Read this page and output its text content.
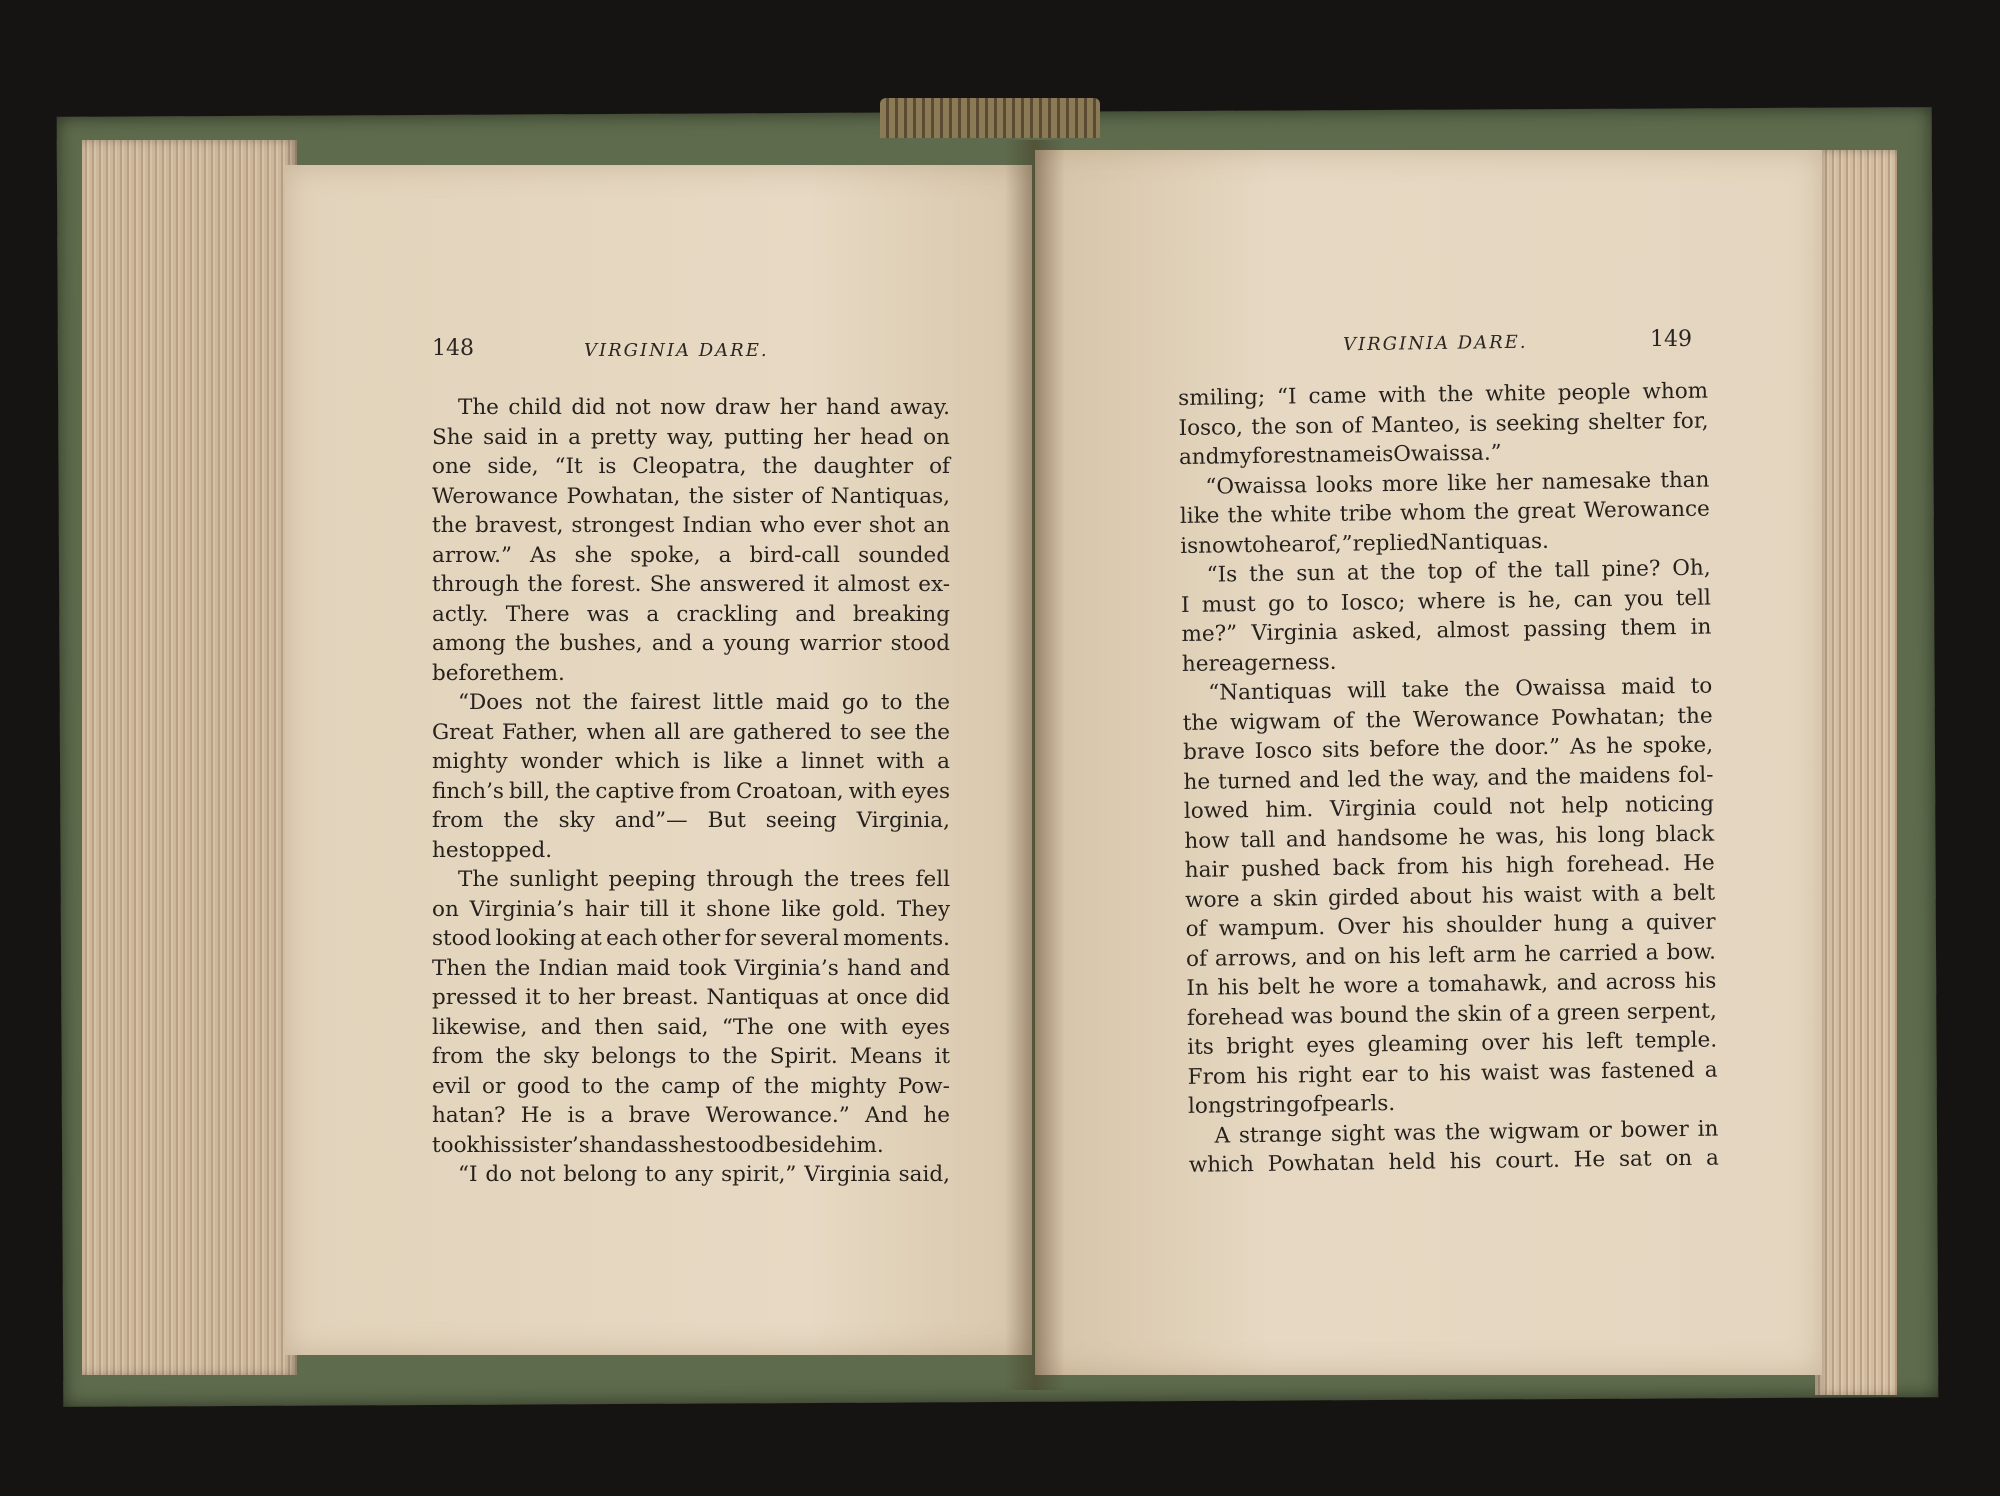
148	VIRGINIA DARE.	VIRGINIA DARE.	149
The child did not now draw her hand away.
She said in a pretty way, putting her head on
one side, “It is Cleopatra, the daughter of
Werowance Powhatan, the sister of Nantiquas,
the bravest, strongest Indian who ever shot an
arrow.” As she spoke, a bird-call sounded
through the forest. She answered it almost ex-
actly. There was a crackling and breaking
among the bushes, and a young warrior stood
before them.
“Does not the fairest little maid go to the
Great Father, when all are gathered to see the
mighty wonder which is like a linnet with a
finch’s bill, the captive from Croatoan, with eyes
from the sky and”— But seeing Virginia,
he stopped.
The sunlight peeping through the trees fell
on Virginia’s hair till it shone like gold. They
stood looking at each other for several moments.
Then the Indian maid took Virginia’s hand and
pressed it to her breast. Nantiquas at once did
likewise, and then said, “The one with eyes
from the sky belongs to the Spirit. Means it
evil or good to the camp of the mighty Pow-
hatan? He is a brave Werowance.” And he
took his sister’s hand as she stood beside him.
“I do not belong to any spirit,” Virginia said,
smiling; “I came with the white people whom
Iosco, the son of Manteo, is seeking shelter for,
and my forest name is Owaissa.”
“Owaissa looks more like her namesake than
like the white tribe whom the great Werowance
is now to hear of,” replied Nantiquas.
“Is the sun at the top of the tall pine? Oh,
I must go to Iosco; where is he, can you tell
me?” Virginia asked, almost passing them in
her eagerness.
“Nantiquas will take the Owaissa maid to
the wigwam of the Werowance Powhatan; the
brave Iosco sits before the door.” As he spoke,
he turned and led the way, and the maidens fol-
lowed him. Virginia could not help noticing
how tall and handsome he was, his long black
hair pushed back from his high forehead. He
wore a skin girded about his waist with a belt
of wampum. Over his shoulder hung a quiver
of arrows, and on his left arm he carried a bow.
In his belt he wore a tomahawk, and across his
forehead was bound the skin of a green serpent,
its bright eyes gleaming over his left temple.
From his right ear to his waist was fastened a
long string of pearls.
A strange sight was the wigwam or bower in
which Powhatan held his court. He sat on a
